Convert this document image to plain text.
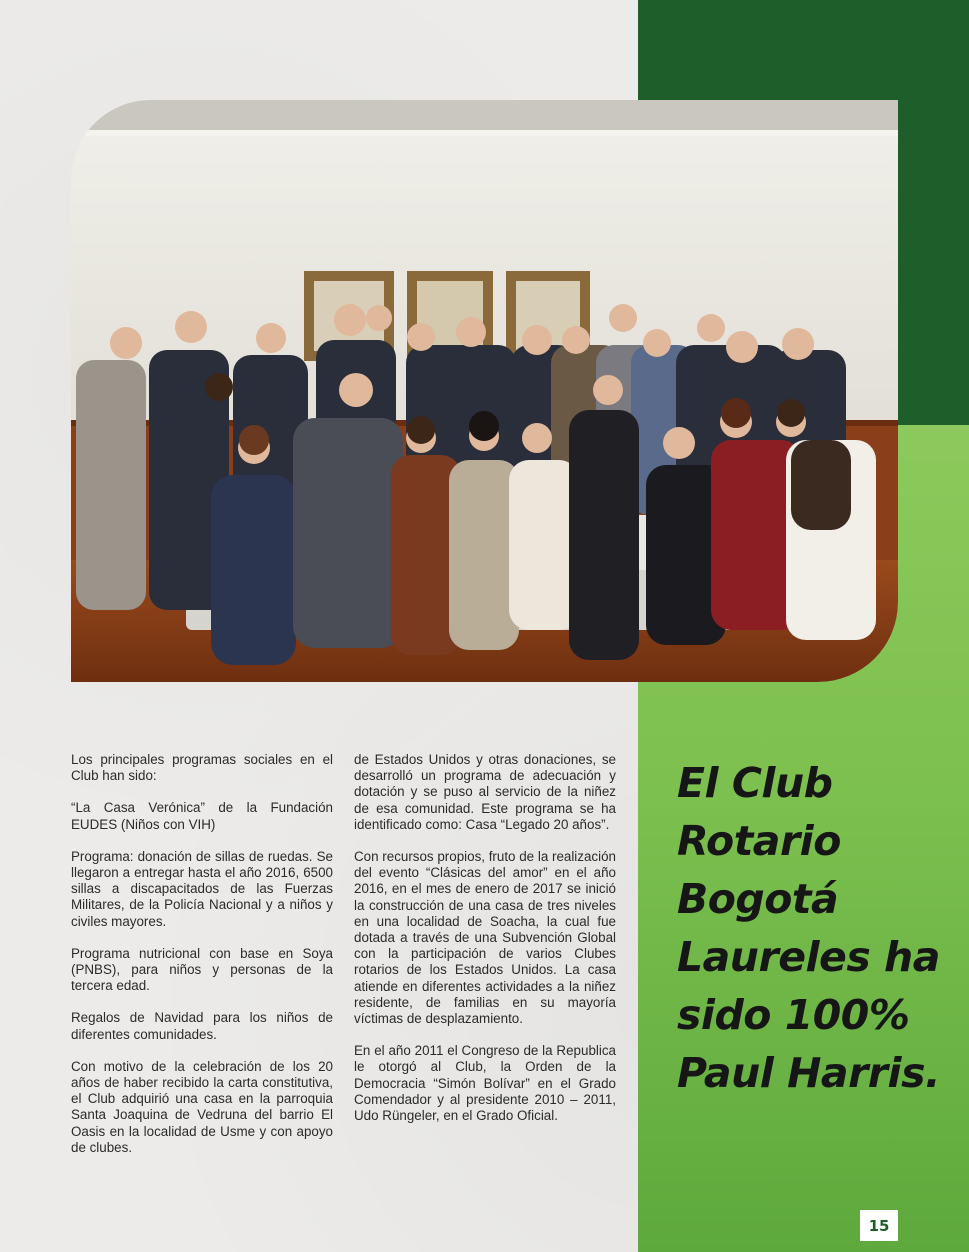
Los principales programas sociales en el Club han sido:

“La Casa Verónica” de la Fundación EUDES (Niños con VIH)

Programa: donación de sillas de ruedas. Se llegaron a entregar hasta el año 2016, 6500 sillas a discapacitados de las Fuerzas Militares, de la Policía Nacional y a niños y civiles mayores.

Programa nutricional con base en Soya (PNBS), para niños y personas de la tercera edad.

Regalos de Navidad para los niños de diferentes comunidades.

Con motivo de la celebración de los 20 años de haber recibido la carta constitutiva, el Club adquirió una casa en la parroquia Santa Joaquina de Vedruna del barrio El Oasis en la localidad de Usme y con apoyo de clubes.

de Estados Unidos y otras donaciones, se desarrolló un programa de adecuación y dotación y se puso al servicio de la niñez de esa comunidad. Este programa se ha identificado como: Casa “Legado 20 años”.

Con recursos propios, fruto de la realización del evento “Clásicas del amor” en el año 2016, en el mes de enero de 2017 se inició la construcción de una casa de tres niveles en una localidad de Soacha, la cual fue dotada a través de una Subvención Global con la participación de varios Clubes rotarios de los Estados Unidos. La casa atiende en diferentes actividades a la niñez residente, de familias en su mayoría víctimas de desplazamiento.

En el año 2011 el Congreso de la Republica le otorgó al Club, la Orden de la Democracia “Simón Bolívar” en el Grado Comendador y al presidente 2010 – 2011, Udo Rüngeler, en el Grado Oficial.

El Club Rotario Bogotá Laureles ha sido 100% Paul Harris.
15
